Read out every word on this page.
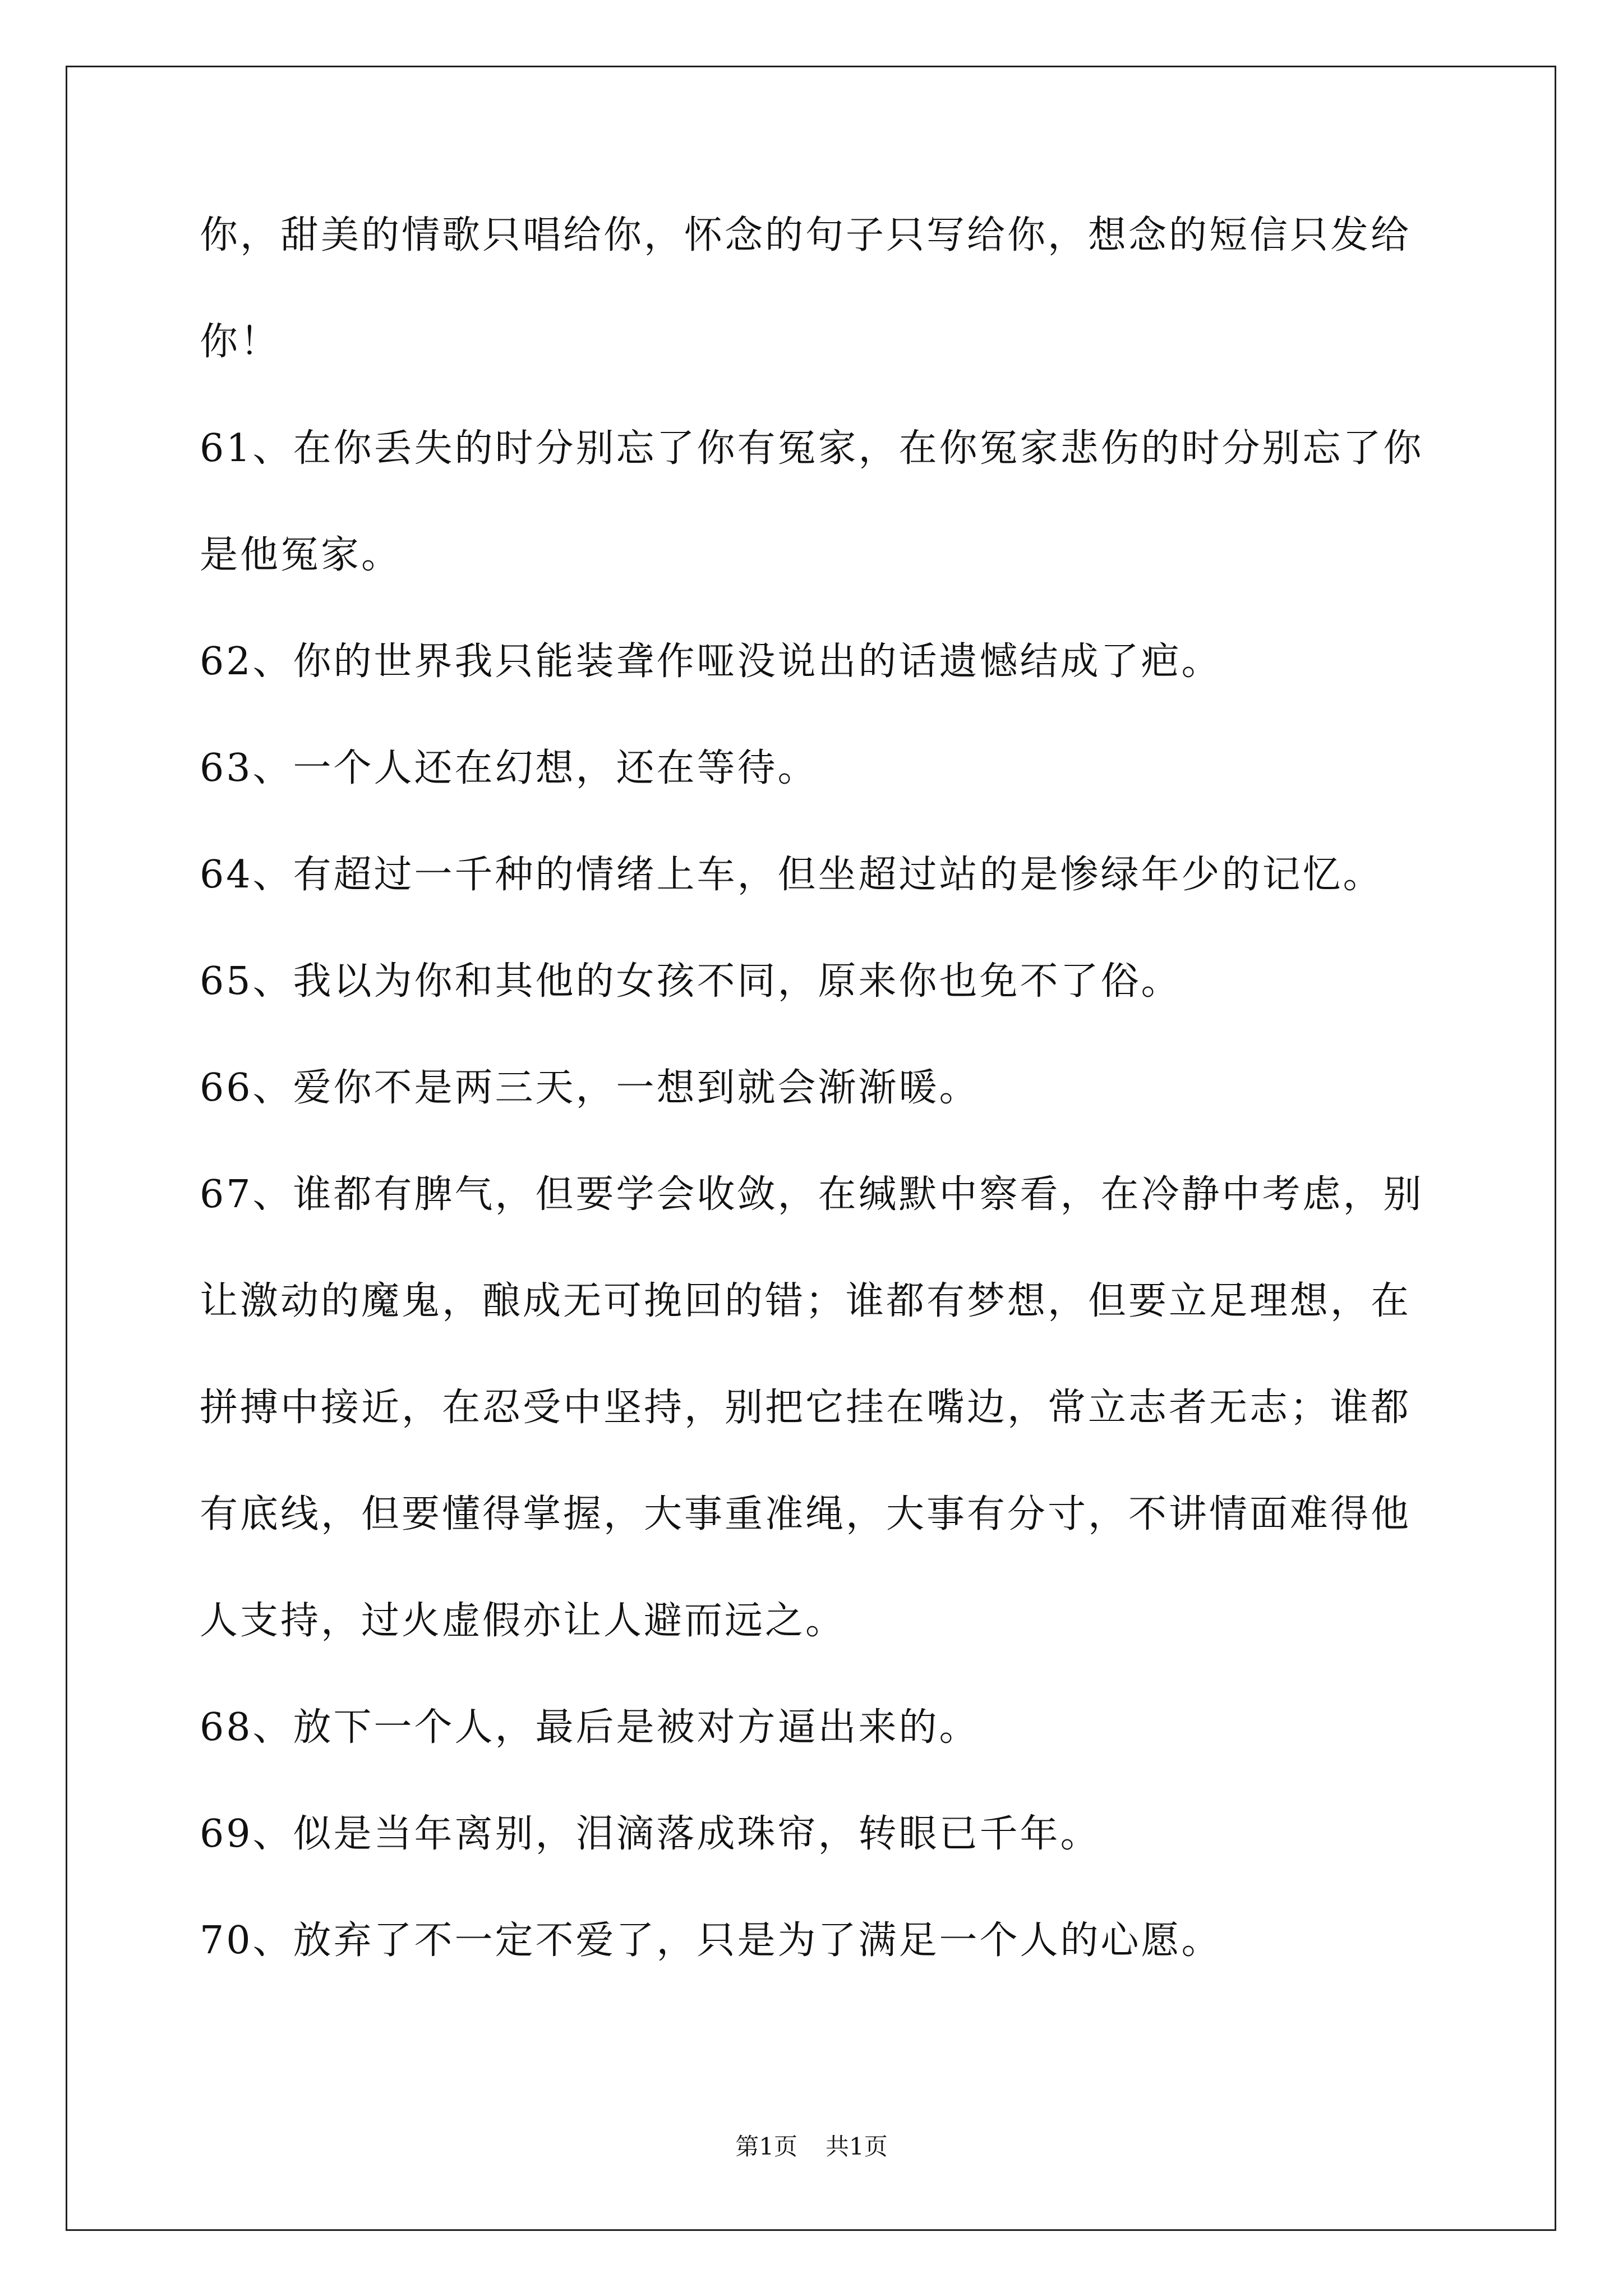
你，甜美的情歌只唱给你，怀念的句子只写给你，想念的短信只发给
你！
61、在你丢失的时分别忘了你有冤家，在你冤家悲伤的时分别忘了你
是他冤家。
62、你的世界我只能装聋作哑没说出的话遗憾结成了疤。
63、一个人还在幻想，还在等待。
64、有超过一千种的情绪上车，但坐超过站的是惨绿年少的记忆。
65、我以为你和其他的女孩不同，原来你也免不了俗。
66、爱你不是两三天，一想到就会渐渐暖。
67、谁都有脾气，但要学会收敛，在缄默中察看，在冷静中考虑，别
让激动的魔鬼，酿成无可挽回的错；谁都有梦想，但要立足理想，在
拼搏中接近，在忍受中坚持，别把它挂在嘴边，常立志者无志；谁都
有底线，但要懂得掌握，大事重准绳，大事有分寸，不讲情面难得他
人支持，过火虚假亦让人避而远之。
68、放下一个人，最后是被对方逼出来的。
69、似是当年离别，泪滴落成珠帘，转眼已千年。
70、放弃了不一定不爱了，只是为了满足一个人的心愿。
第1页 共1页
